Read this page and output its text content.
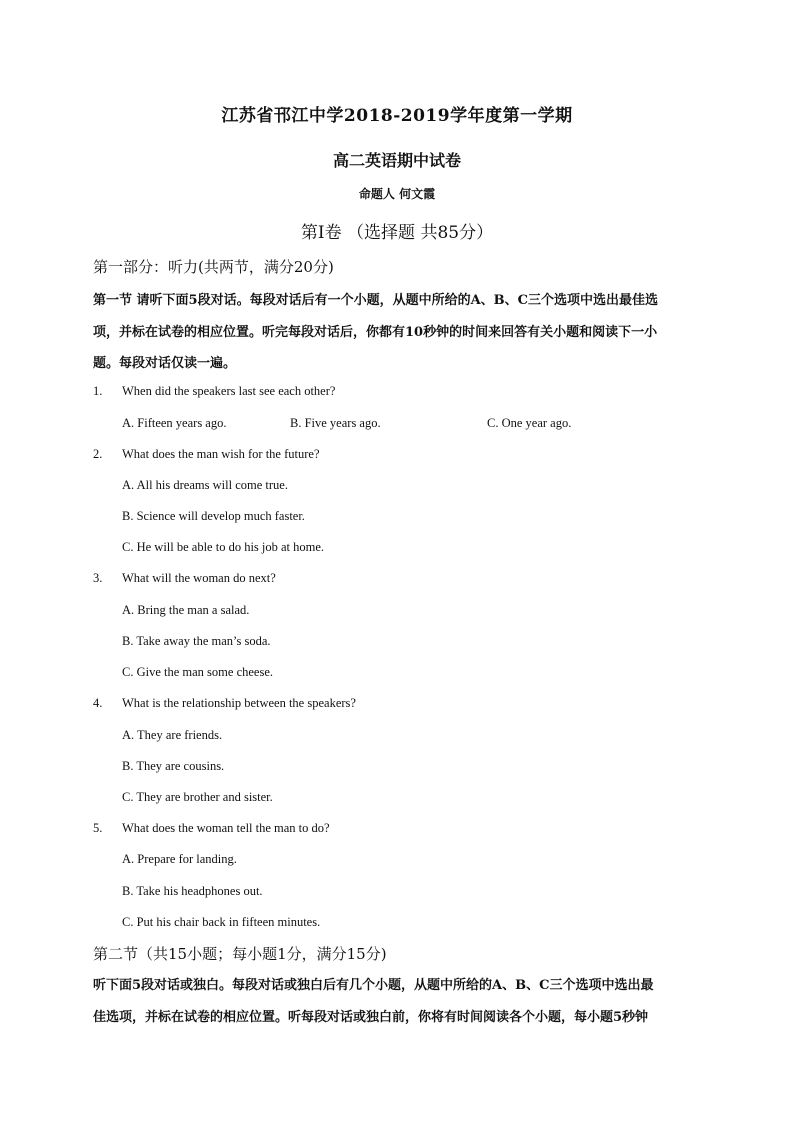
江苏省邗江中学2018-2019学年度第一学期
高二英语期中试卷
命题人 何文霞
第I卷 （选择题 共85分）
第一部分：听力(共两节，满分20分)
第一节 请听下面5段对话。每段对话后有一个小题，从题中所给的A、B、C三个选项中选出最佳选
项，并标在试卷的相应位置。听完每段对话后，你都有10秒钟的时间来回答有关小题和阅读下一小
题。每段对话仅读一遍。
1. When did the speakers last see each other?
A. Fifteen years ago.	B. Five years ago.	C. One year ago.
2. What does the man wish for the future?
A. All his dreams will come true.
B. Science will develop much faster.
C. He will be able to do his job at home.
3. What will the woman do next?
A. Bring the man a salad.
B. Take away the man’s soda.
C. Give the man some cheese.
4. What is the relationship between the speakers?
A. They are friends.
B. They are cousins.
C. They are brother and sister.
5. What does the woman tell the man to do?
A. Prepare for landing.
B. Take his headphones out.
C. Put his chair back in fifteen minutes.
第二节（共15小题；每小题1分，满分15分)
听下面5段对话或独白。每段对话或独白后有几个小题，从题中所给的A、B、C三个选项中选出最
佳选项，并标在试卷的相应位置。听每段对话或独白前，你将有时间阅读各个小题，每小题5秒钟
